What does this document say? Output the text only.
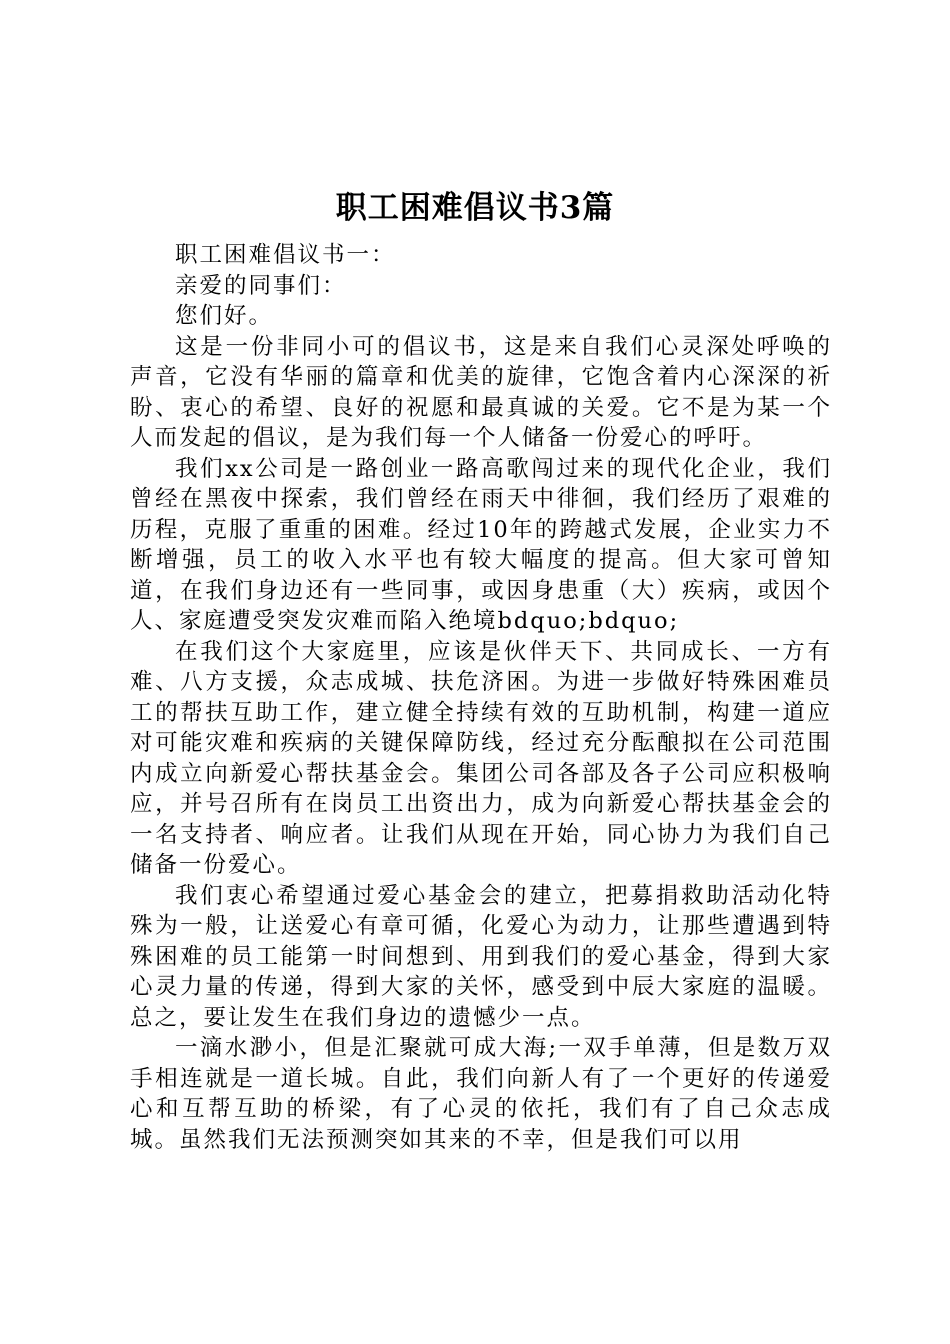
职工困难倡议书3篇

职工困难倡议书一：

亲爱的同事们：

您们好。

这是一份非同小可的倡议书，这是来自我们心灵深处呼唤的声音，它没有华丽的篇章和优美的旋律，它饱含着内心深深的祈盼、衷心的希望、良好的祝愿和最真诚的关爱。它不是为某一个人而发起的倡议，是为我们每一个人储备一份爱心的呼吁。

我们xx公司是一路创业一路高歌闯过来的现代化企业，我们曾经在黑夜中探索，我们曾经在雨天中徘徊，我们经历了艰难的历程，克服了重重的困难。经过10年的跨越式发展，企业实力不断增强，员工的收入水平也有较大幅度的提高。但大家可曾知道，在我们身边还有一些同事，或因身患重（大）疾病，或因个人、家庭遭受突发灾难而陷入绝境bdquo;bdquo;

在我们这个大家庭里，应该是伙伴天下、共同成长、一方有难、八方支援，众志成城、扶危济困。为进一步做好特殊困难员工的帮扶互助工作，建立健全持续有效的互助机制，构建一道应对可能灾难和疾病的关键保障防线，经过充分酝酿拟在公司范围内成立向新爱心帮扶基金会。集团公司各部及各子公司应积极响应，并号召所有在岗员工出资出力，成为向新爱心帮扶基金会的一名支持者、响应者。让我们从现在开始，同心协力为我们自己储备一份爱心。

我们衷心希望通过爱心基金会的建立，把募捐救助活动化特殊为一般，让送爱心有章可循，化爱心为动力，让那些遭遇到特殊困难的员工能第一时间想到、用到我们的爱心基金，得到大家心灵力量的传递，得到大家的关怀，感受到中辰大家庭的温暖。总之，要让发生在我们身边的遗憾少一点。

一滴水渺小，但是汇聚就可成大海;一双手单薄，但是数万双手相连就是一道长城。自此，我们向新人有了一个更好的传递爱心和互帮互助的桥梁，有了心灵的依托，我们有了自己众志成城。虽然我们无法预测突如其来的不幸，但是我们可以用
